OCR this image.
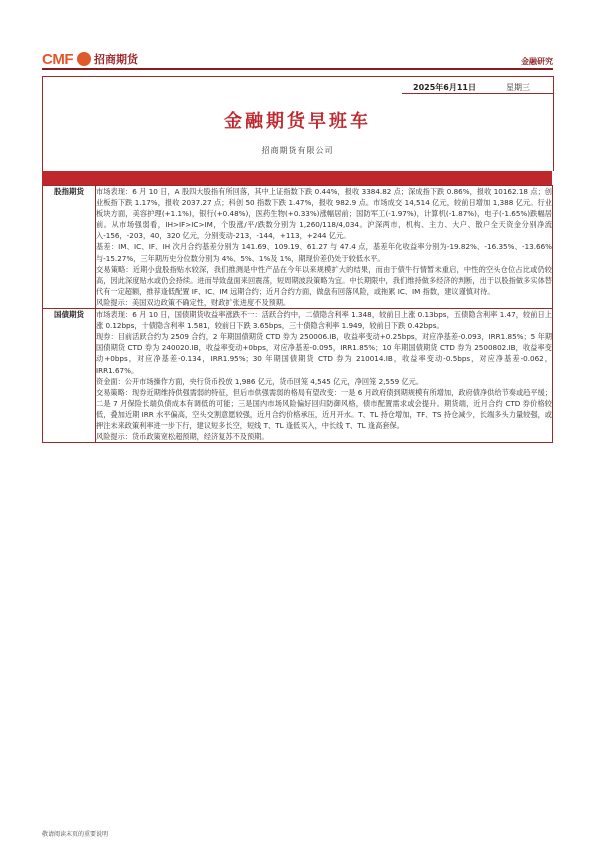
CMF 招商期货	金融研究
2025年6月11日	星期三
金融期货早班车
招商期货有限公司
股指期货	市场表现：6 月 10 日，A 股四大股指有所回落，其中上证指数下跌 0.44%，报收 3384.82 点；深成指下跌 0.86%，报收 10162.18 点；创业板指下跌 1.17%，报收 2037.27 点；科创 50 指数下跌 1.47%，报收 982.9 点。市场成交 14,514 亿元，较前日增加 1,388 亿元。行业板块方面，美容护理(+1.1%)，银行(+0.48%)，医药生物(+0.33%)涨幅居前；国防军工(-1.97%)，计算机(-1.87%)，电子(-1.65%)跌幅居前。从市场强弱看，IH>IF>IC>IM，个股涨/平/跌数分别为 1,260/118/4,034。沪深两市，机构、主力、大户、散户全天资金分别净流入-156，-203，40，320 亿元，分别变动-213，-144，+113，+244 亿元。

基差：IM、IC、IF、IH 次月合约基差分别为 141.69、109.19、61.27 与 47.4 点，基差年化收益率分别为-19.82%、-16.35%、-13.66%与-15.27%，三年期历史分位数分别为 4%、5%、1%及 1%，期现价差仍处于较低水平。

交易策略：近期小盘股指贴水较深，我们推测是中性产品在今年以来规模扩大的结果，而由于债牛行情暂未重启，中性的空头仓位占比或仍较高，因此深度贴水或仍会持续。进而导致盘面来回震荡，短周期波段策略为宜。中长期限中，我们维持做多经济的判断，出于以股指做多实体替代有一定超额，推荐逢低配置 IF、IC、IM 远期合约；近月合约方面，做盘有回落风险，或拖累 IC、IM 指数，建议谨慎对待。

风险提示：美国双边政策不确定性，财政扩张进度不及预期。

国债期货	市场表现：6 月 10 日，国债期货收益率涨跌不一：活跃合约中，二债隐含利率 1.348，较前日上涨 0.13bps，五债隐含利率 1.47，较前日上涨 0.12bps，十债隐含利率 1.581，较前日下跌 3.65bps，三十债隐含利率 1.949，较前日下跌 0.42bps。

现券：目前活跃合约为 2509 合约，2 年期国债期货 CTD 券为 250006.IB，收益率变动+0.25bps，对应净基差-0.093，IRR1.85%；5 年期国债期货 CTD 券为 240020.IB，收益率变动+0bps，对应净基差-0.095，IRR1.85%；10 年期国债期货 CTD 券为 2500802.IB，收益率变动+0bps，对应净基差-0.134，IRR1.95%；30 年期国债期货 CTD 券为 210014.IB，收益率变动-0.5bps，对应净基差-0.062，IRR1.67%。

资金面：公开市场操作方面，央行货币投放 1,986 亿元，货币回笼 4,545 亿元，净回笼 2,559 亿元。

交易策略：现券近期维持供强需弱的特征，但后市供强需弱的格局有望改变：一是 6 月政府债到期规模有所增加，政府债净供给节奏或趋平缓；二是 7 月保险长端负债成本有调低的可能；三是国内市场风险偏好回归防御风格，债市配置需求或会提升。期货端，近月合约 CTD 券价格较低，叠加近期 IRR 水平偏高，空头交割意愿较强，近月合约价格承压，近月开水。T、TL 持仓增加，TF、TS 持仓减少，长端多头力量较强，或押注未来政策利率进一步下行，建议短多长空，短线 T、TL 逢低买入，中长线 T、TL 逢高套保。

风险提示：货币政策宽松超预期，经济复苏不及预期。

敬请阅读末页的重要说明
